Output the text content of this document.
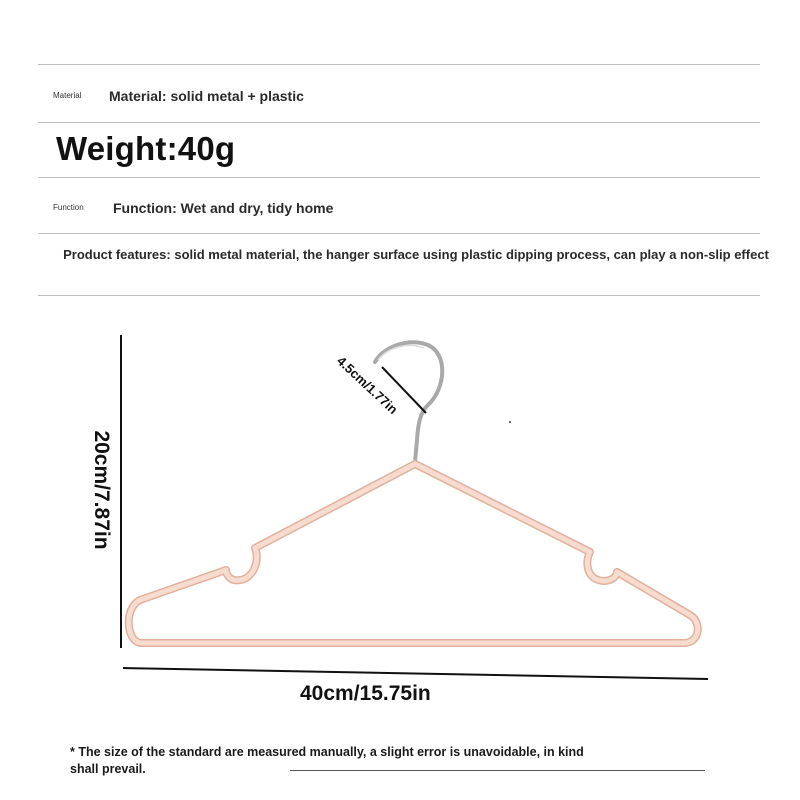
Material Material: solid metal + plastic
Weight:40g
Function Function: Wet and dry, tidy home
Product features: solid metal material, the hanger surface using plastic dipping process, can play a non-slip effect
4.5cm/1.77in
20cm/7.87in
40cm/15.75in
* The size of the standard are measured manually, a slight error is unavoidable, in kind shall prevail.
